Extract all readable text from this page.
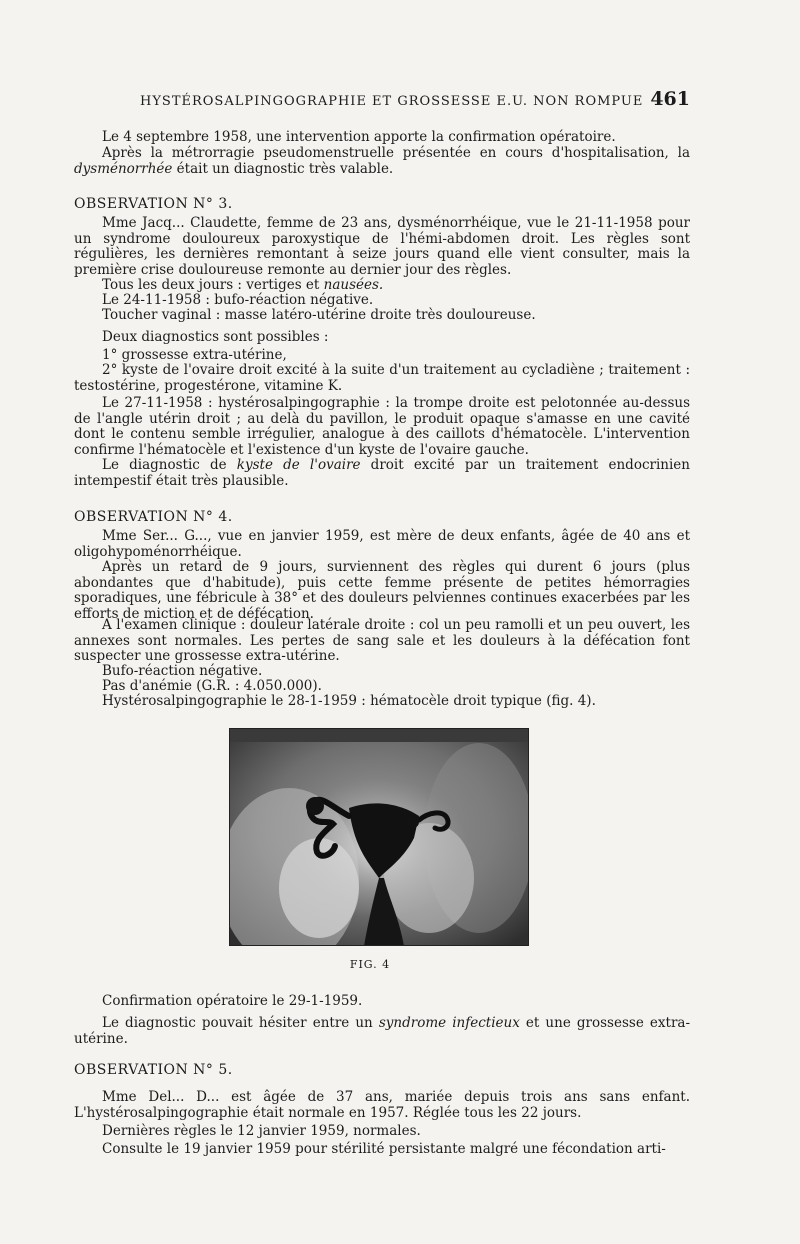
HYSTÉROSALPINGOGRAPHIE ET GROSSESSE E.U. NON ROMPUE 461
Le 4 septembre 1958, une intervention apporte la confirmation opératoire.
Après la métrorragie pseudomenstruelle présentée en cours d'hospitalisation, la dysménorrhée était un diagnostic très valable.
OBSERVATION N° 3.
Mme Jacq... Claudette, femme de 23 ans, dysménorrhéique, vue le 21-11-1958 pour un syndrome douloureux paroxystique de l'hémi-abdomen droit. Les règles sont régulières, les dernières remontant à seize jours quand elle vient consulter, mais la première crise douloureuse remonte au dernier jour des règles.
Tous les deux jours : vertiges et nausées.
Le 24-11-1958 : bufo-réaction négative.
Toucher vaginal : masse latéro-utérine droite très douloureuse.
Deux diagnostics sont possibles :
1° grossesse extra-utérine,
2° kyste de l'ovaire droit excité à la suite d'un traitement au cycladiène ; traitement : testostérine, progestérone, vitamine K.
Le 27-11-1958 : hystérosalpingographie : la trompe droite est pelotonnée au-dessus de l'angle utérin droit ; au delà du pavillon, le produit opaque s'amasse en une cavité dont le contenu semble irrégulier, analogue à des caillots d'hématocèle. L'intervention confirme l'hématocèle et l'existence d'un kyste de l'ovaire gauche.
Le diagnostic de kyste de l'ovaire droit excité par un traitement endocrinien intempestif était très plausible.
OBSERVATION N° 4.
Mme Ser... G..., vue en janvier 1959, est mère de deux enfants, âgée de 40 ans et oligohypoménorrhéique.
Après un retard de 9 jours, surviennent des règles qui durent 6 jours (plus abondantes que d'habitude), puis cette femme présente de petites hémorragies sporadiques, une fébricule à 38° et des douleurs pelviennes continues exacerbées par les efforts de miction et de défécation.
A l'examen clinique : douleur latérale droite : col un peu ramolli et un peu ouvert, les annexes sont normales. Les pertes de sang sale et les douleurs à la défécation font suspecter une grossesse extra-utérine.
Bufo-réaction négative.
Pas d'anémie (G.R. : 4.050.000).
Hystérosalpingographie le 28-1-1959 : hématocèle droit typique (fig. 4).
FIG. 4
Confirmation opératoire le 29-1-1959.
Le diagnostic pouvait hésiter entre un syndrome infectieux et une grossesse extra-utérine.
OBSERVATION N° 5.
Mme Del... D... est âgée de 37 ans, mariée depuis trois ans sans enfant. L'hystérosalpingographie était normale en 1957. Réglée tous les 22 jours.
Dernières règles le 12 janvier 1959, normales.
Consulte le 19 janvier 1959 pour stérilité persistante malgré une fécondation arti-
